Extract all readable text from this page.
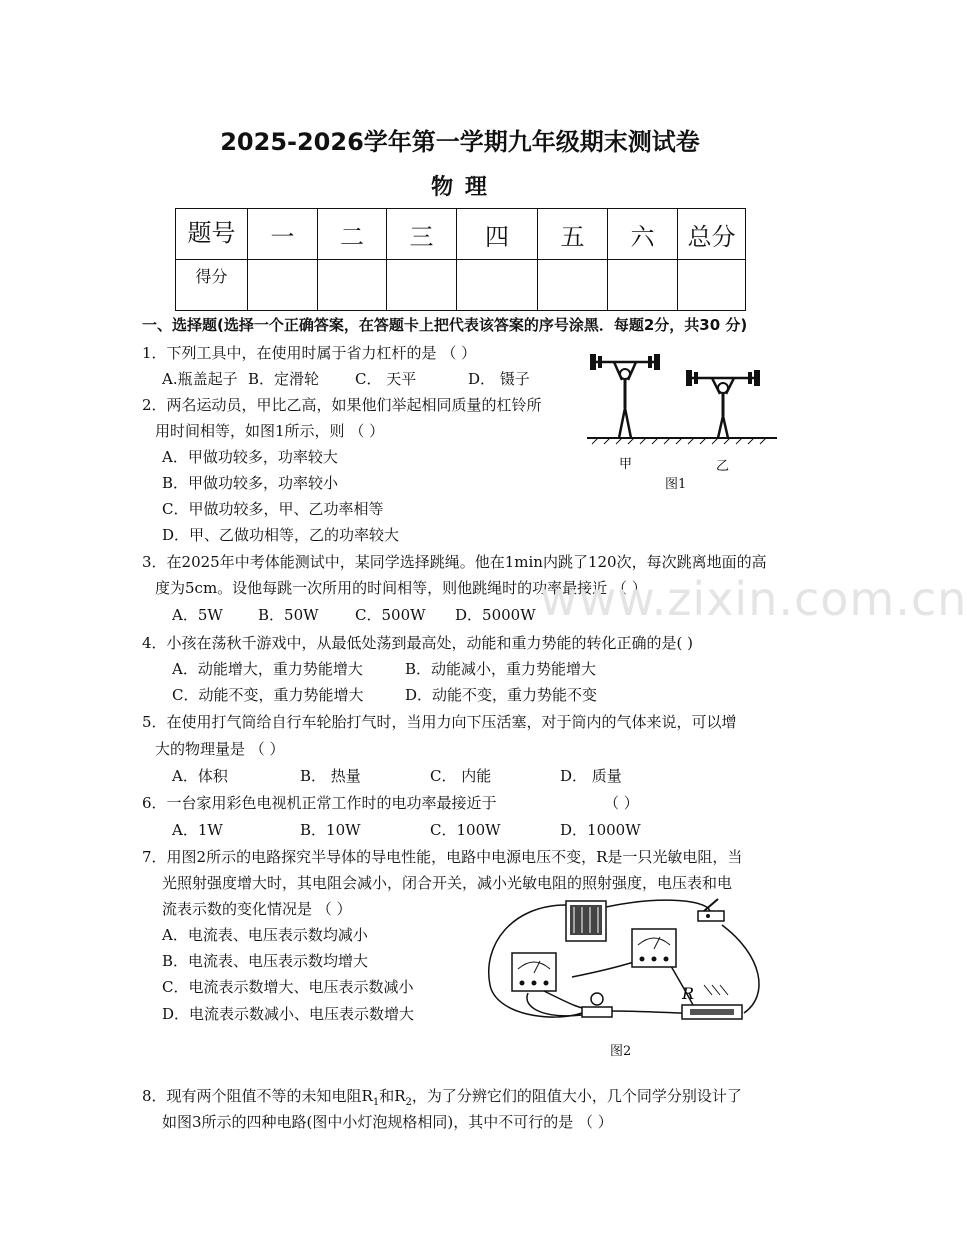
2025-2026学年第一学期九年级期末测试卷
物 理
题号	一	二	三	四	五	六	总分
得分							
一、选择题(选择一个正确答案，在答题卡上把代表该答案的序号涂黑．每题2分，共30 分)
1．下列工具中，在使用时属于省力杠杆的是 （ ）
A.瓶盖起子 B．定滑轮 C． 天平	D． 镊子
2．两名运动员，甲比乙高，如果他们举起相同质量的杠铃所
用时间相等，如图1所示，则 （ ）
A．甲做功较多，功率较大
B．甲做功较多，功率较小
C．甲做功较多，甲、乙功率相等
D．甲、乙做功相等，乙的功率较大
甲	乙
图1
3．在2025年中考体能测试中，某同学选择跳绳。他在1min内跳了120次，每次跳离地面的高
度为5cm。设他每跳一次所用的时间相等，则他跳绳时的功率最接近 （ ）
A．5W B．50W C．500W D．5000W www.zixin.com.cn
4．小孩在荡秋千游戏中，从最低处荡到最高处，动能和重力势能的转化正确的是( )
A．动能增大，重力势能增大	B．动能减小，重力势能增大
C．动能不变，重力势能增大	D．动能不变，重力势能不变
5．在使用打气筒给自行车轮胎打气时，当用力向下压活塞，对于筒内的气体来说，可以增
大的物理量是 （ ）
A．体积	B． 热量	C． 内能	D． 质量
6．一台家用彩色电视机正常工作时的电功率最接近于	（ ）
A．1W	B．10W	C．100W	D．1000W
7．用图2所示的电路探究半导体的导电性能，电路中电源电压不变，R是一只光敏电阻，当
光照射强度增大时，其电阻会减小，闭合开关，减小光敏电阻的照射强度，电压表和电
流表示数的变化情况是 （ ）
A．电流表、电压表示数均减小
B．电流表、电压表示数均增大
C．电流表示数增大、电压表示数减小
D．电流表示数减小、电压表示数增大
R
图2
8．现有两个阻值不等的未知电阻$R_1$和$R_2$，为了分辨它们的阻值大小，几个同学分别设计了
如图3所示的四种电路(图中小灯泡规格相同)，其中不可行的是 （ ）
